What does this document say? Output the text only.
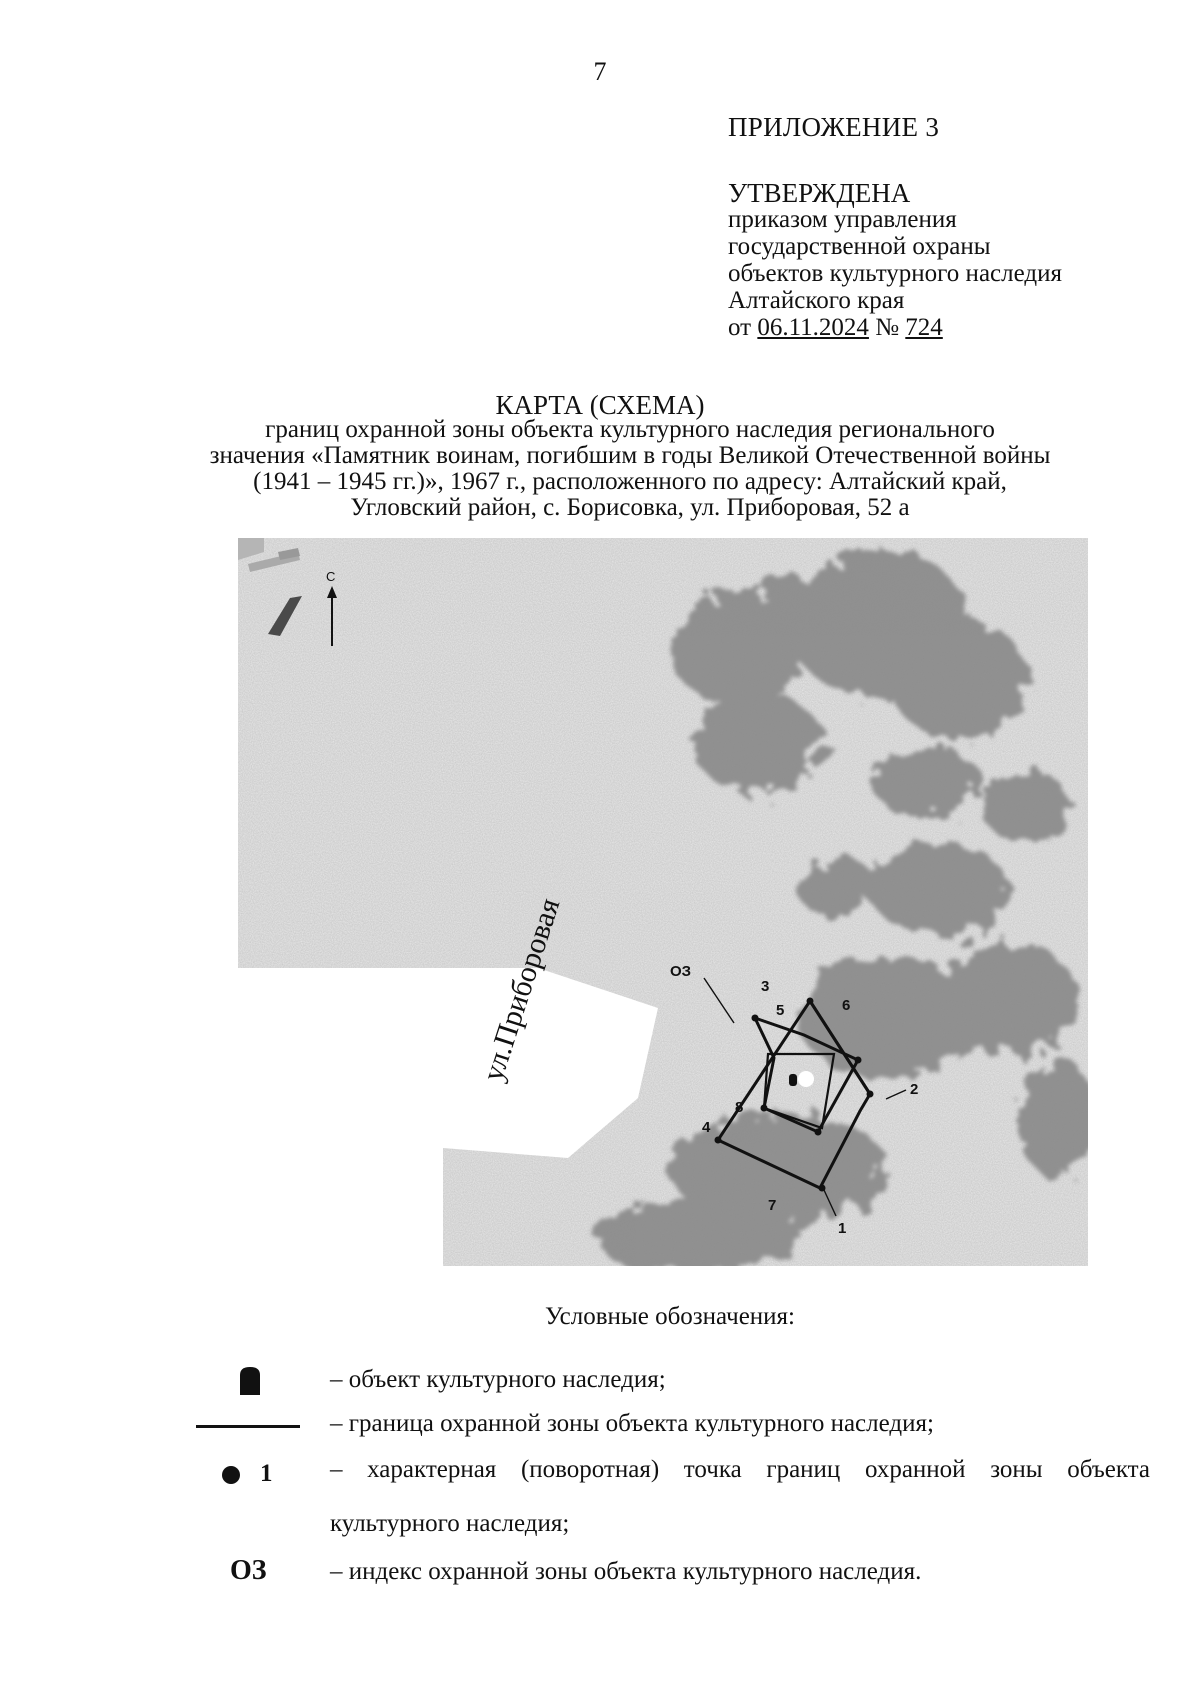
7
ПРИЛОЖЕНИЕ 3
УТВЕРЖДЕНА
приказом управления
государственной охраны
объектов культурного наследия
Алтайского края
от 06.11.2024 № 724
КАРТА (СХЕМА)
границ охранной зоны объекта культурного наследия регионального
значения «Памятник воинам, погибшим в годы Великой Отечественной войны
(1941 – 1945 гг.)», 1967 г., расположенного по адресу: Алтайский край,
Угловский район, с. Борисовка, ул. Приборовая, 52 а
С
ул.Приборовая	ОЗ
1
2
3
4
5	6
7
8
Условные обозначения:
– объект культурного наследия;
– граница охранной зоны объекта культурного наследия;
1 – характерная (поворотная) точка границ охранной зоны объекта
культурного наследия;
ОЗ	– индекс охранной зоны объекта культурного наследия.
